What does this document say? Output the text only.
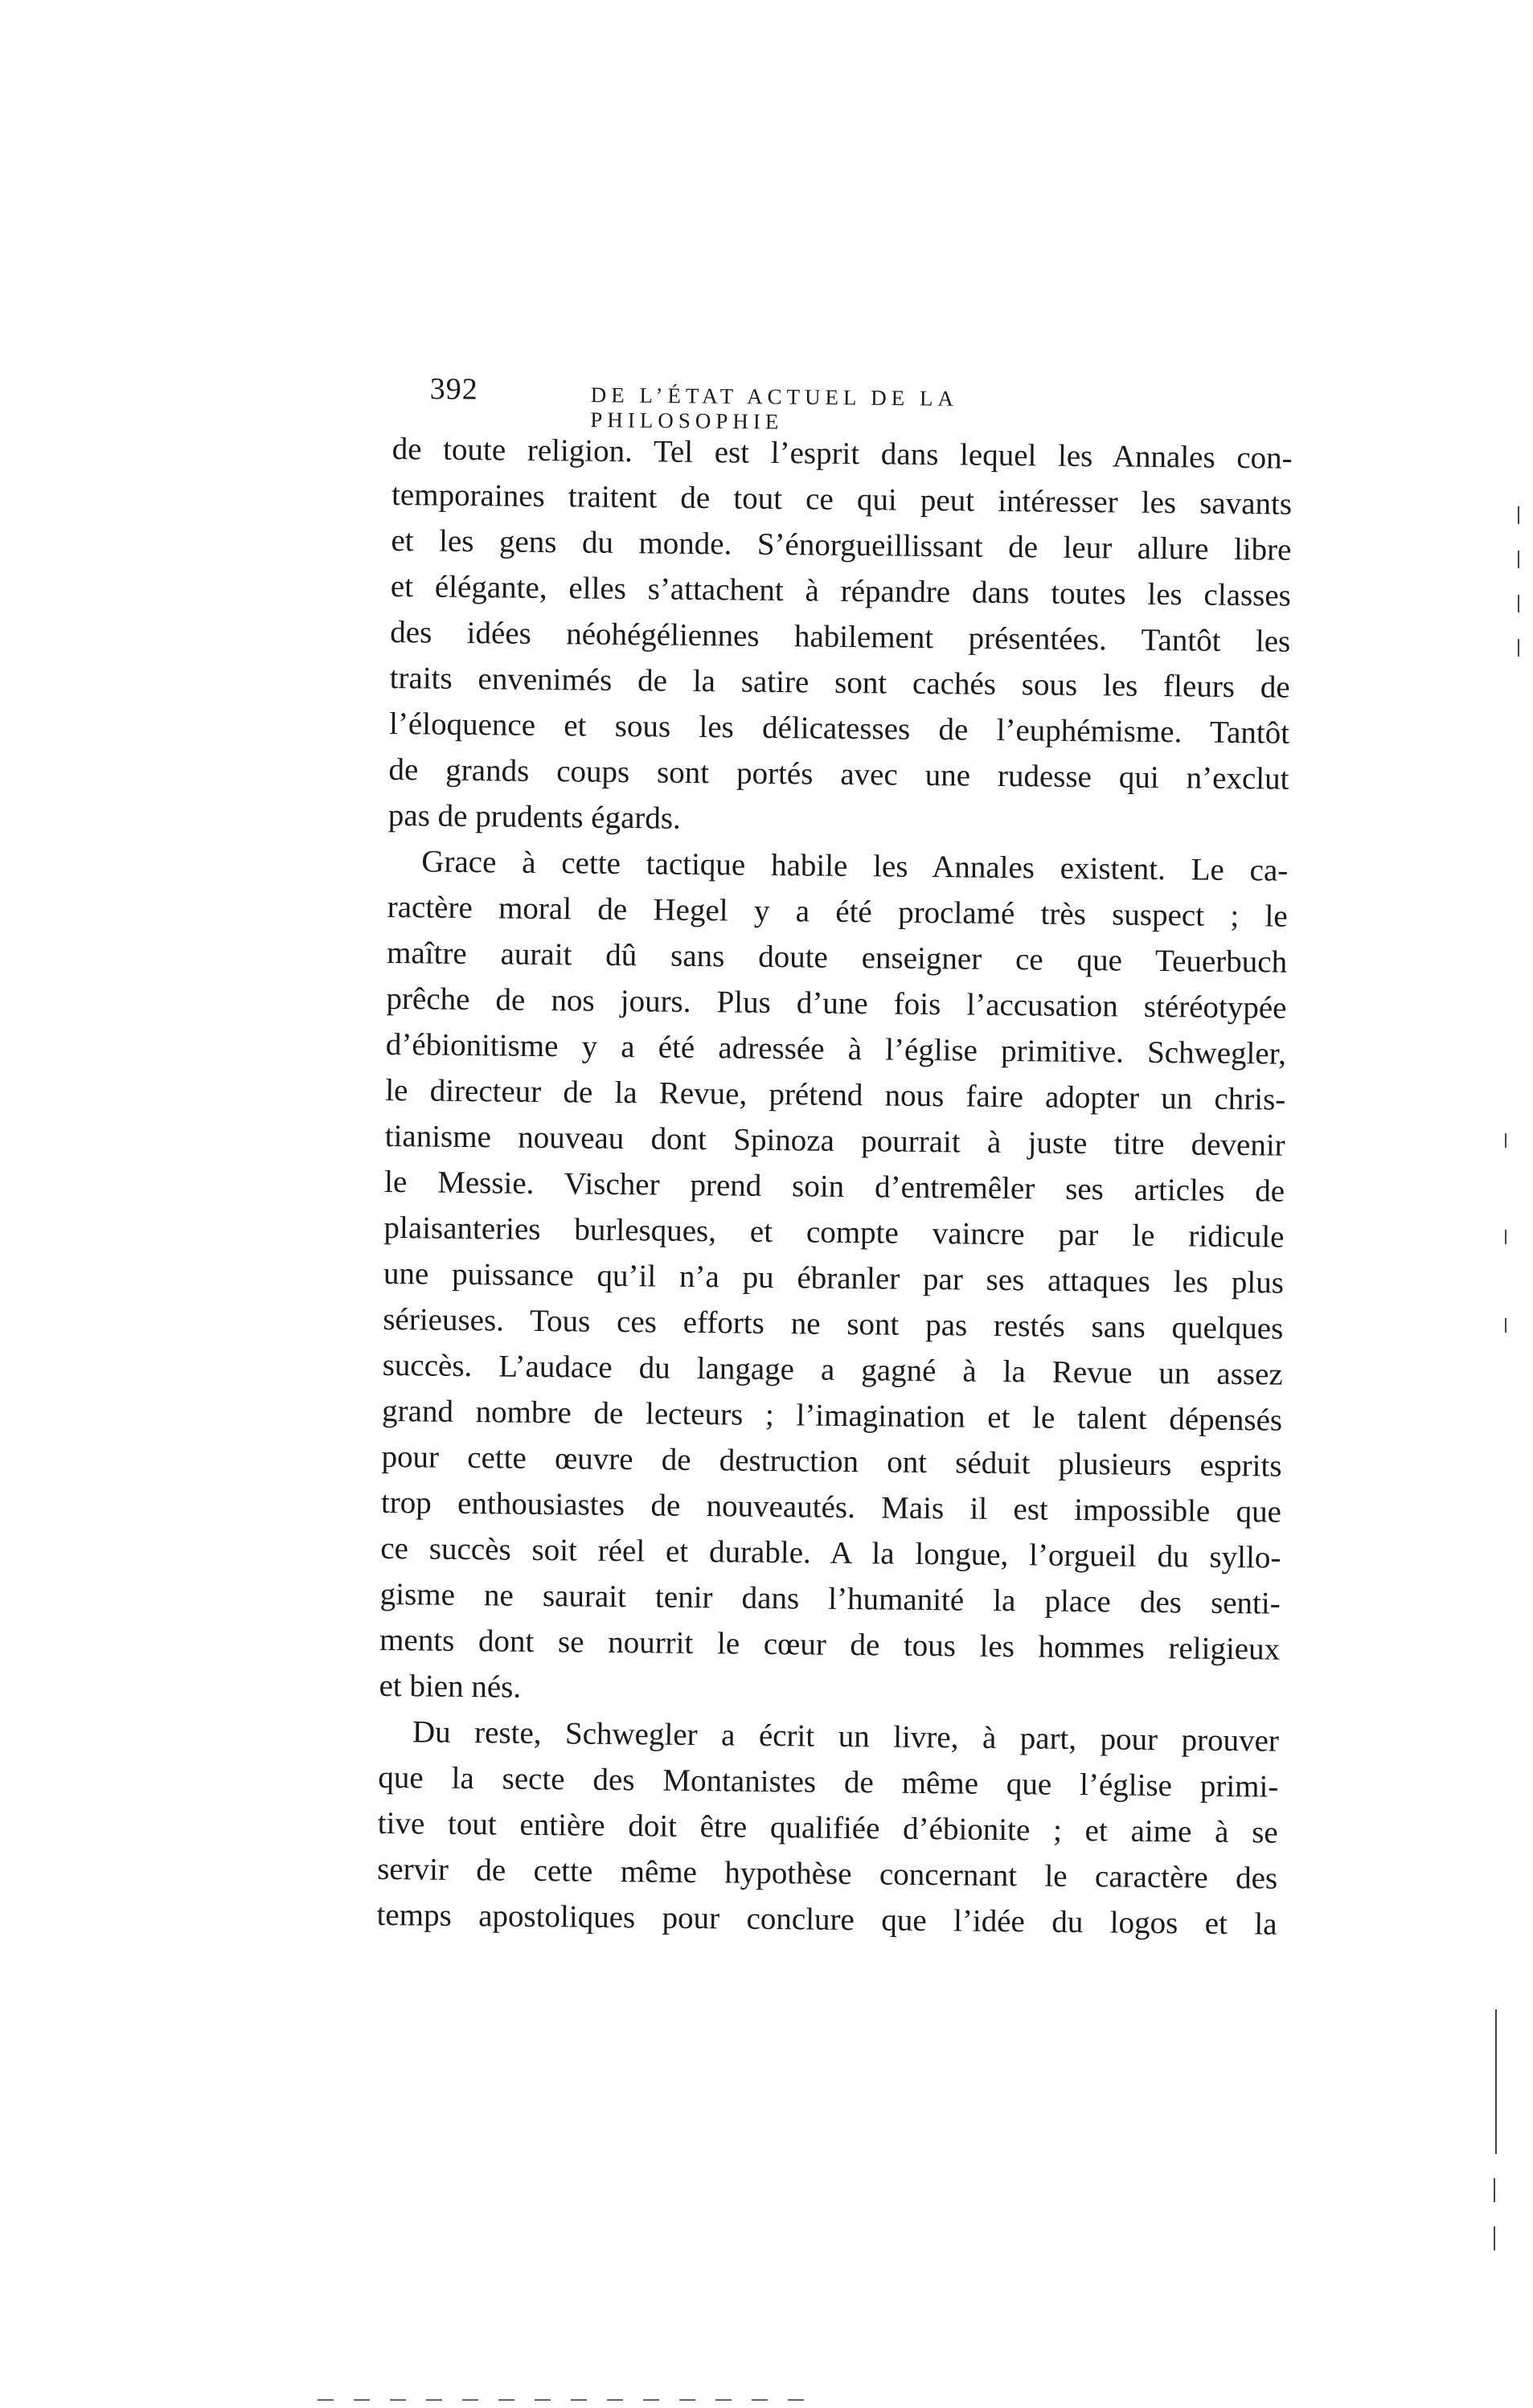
392	DE L’ÉTAT ACTUEL DE LA PHILOSOPHIE
de toute religion. Tel est l’esprit dans lequel les Annales con-
temporaines traitent de tout ce qui peut intéresser les savants
et les gens du monde. S’énorgueillissant de leur allure libre
et élégante, elles s’attachent à répandre dans toutes les classes
des idées néohégéliennes habilement présentées. Tantôt les
traits envenimés de la satire sont cachés sous les fleurs de
l’éloquence et sous les délicatesses de l’euphémisme. Tantôt
de grands coups sont portés avec une rudesse qui n’exclut
pas de prudents égards.
Grace à cette tactique habile les Annales existent. Le ca-
ractère moral de Hegel y a été proclamé très suspect ; le
maître aurait dû sans doute enseigner ce que Teuerbuch
prêche de nos jours. Plus d’une fois l’accusation stéréotypée
d’ébionitisme y a été adressée à l’église primitive. Schwegler,
le directeur de la Revue, prétend nous faire adopter un chris-
tianisme nouveau dont Spinoza pourrait à juste titre devenir
le Messie. Vischer prend soin d’entremêler ses articles de
plaisanteries burlesques, et compte vaincre par le ridicule
une puissance qu’il n’a pu ébranler par ses attaques les plus
sérieuses. Tous ces efforts ne sont pas restés sans quelques
succès. L’audace du langage a gagné à la Revue un assez
grand nombre de lecteurs ; l’imagination et le talent dépensés
pour cette œuvre de destruction ont séduit plusieurs esprits
trop enthousiastes de nouveautés. Mais il est impossible que
ce succès soit réel et durable. A la longue, l’orgueil du syllo-
gisme ne saurait tenir dans l’humanité la place des senti-
ments dont se nourrit le cœur de tous les hommes religieux
et bien nés.
Du reste, Schwegler a écrit un livre, à part, pour prouver
que la secte des Montanistes de même que l’église primi-
tive tout entière doit être qualifiée d’ébionite ; et aime à se
servir de cette même hypothèse concernant le caractère des
temps apostoliques pour conclure que l’idée du logos et la
